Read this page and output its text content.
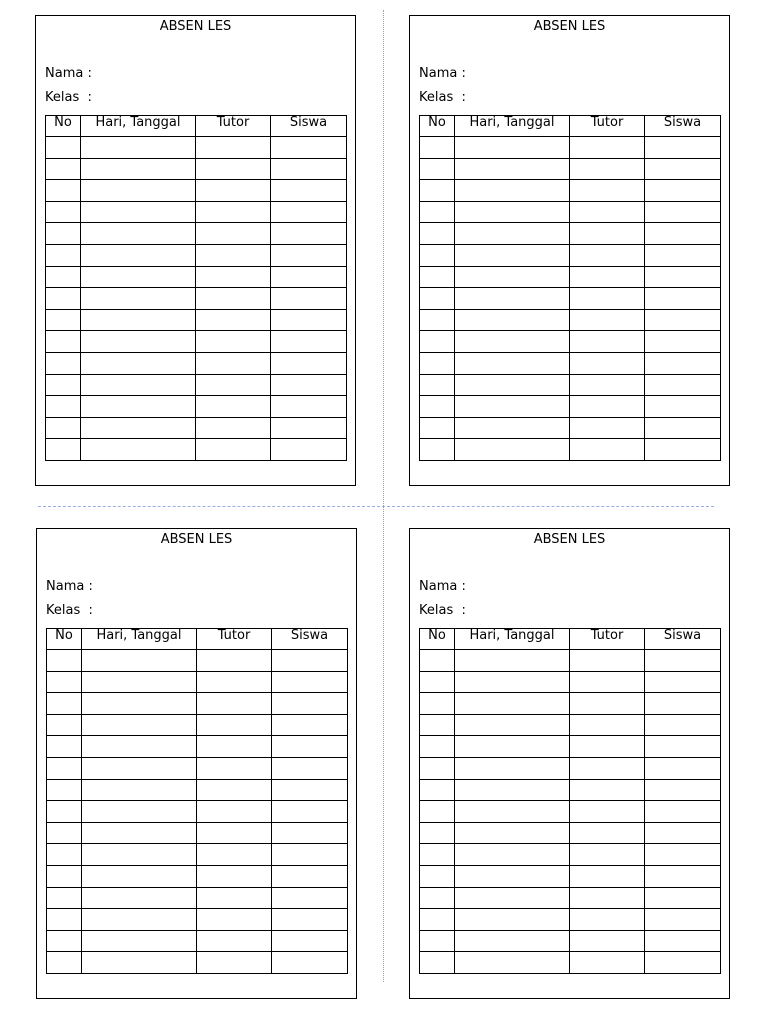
ABSEN LES
Nama :
Kelas  :
No	Hari, Tanggal	Tutor	Siswa

ABSEN LES
Nama :
Kelas  :
No	Hari, Tanggal	Tutor	Siswa

ABSEN LES
Nama :
Kelas  :
No	Hari, Tanggal	Tutor	Siswa

ABSEN LES
Nama :
Kelas  :
No	Hari, Tanggal	Tutor	Siswa
